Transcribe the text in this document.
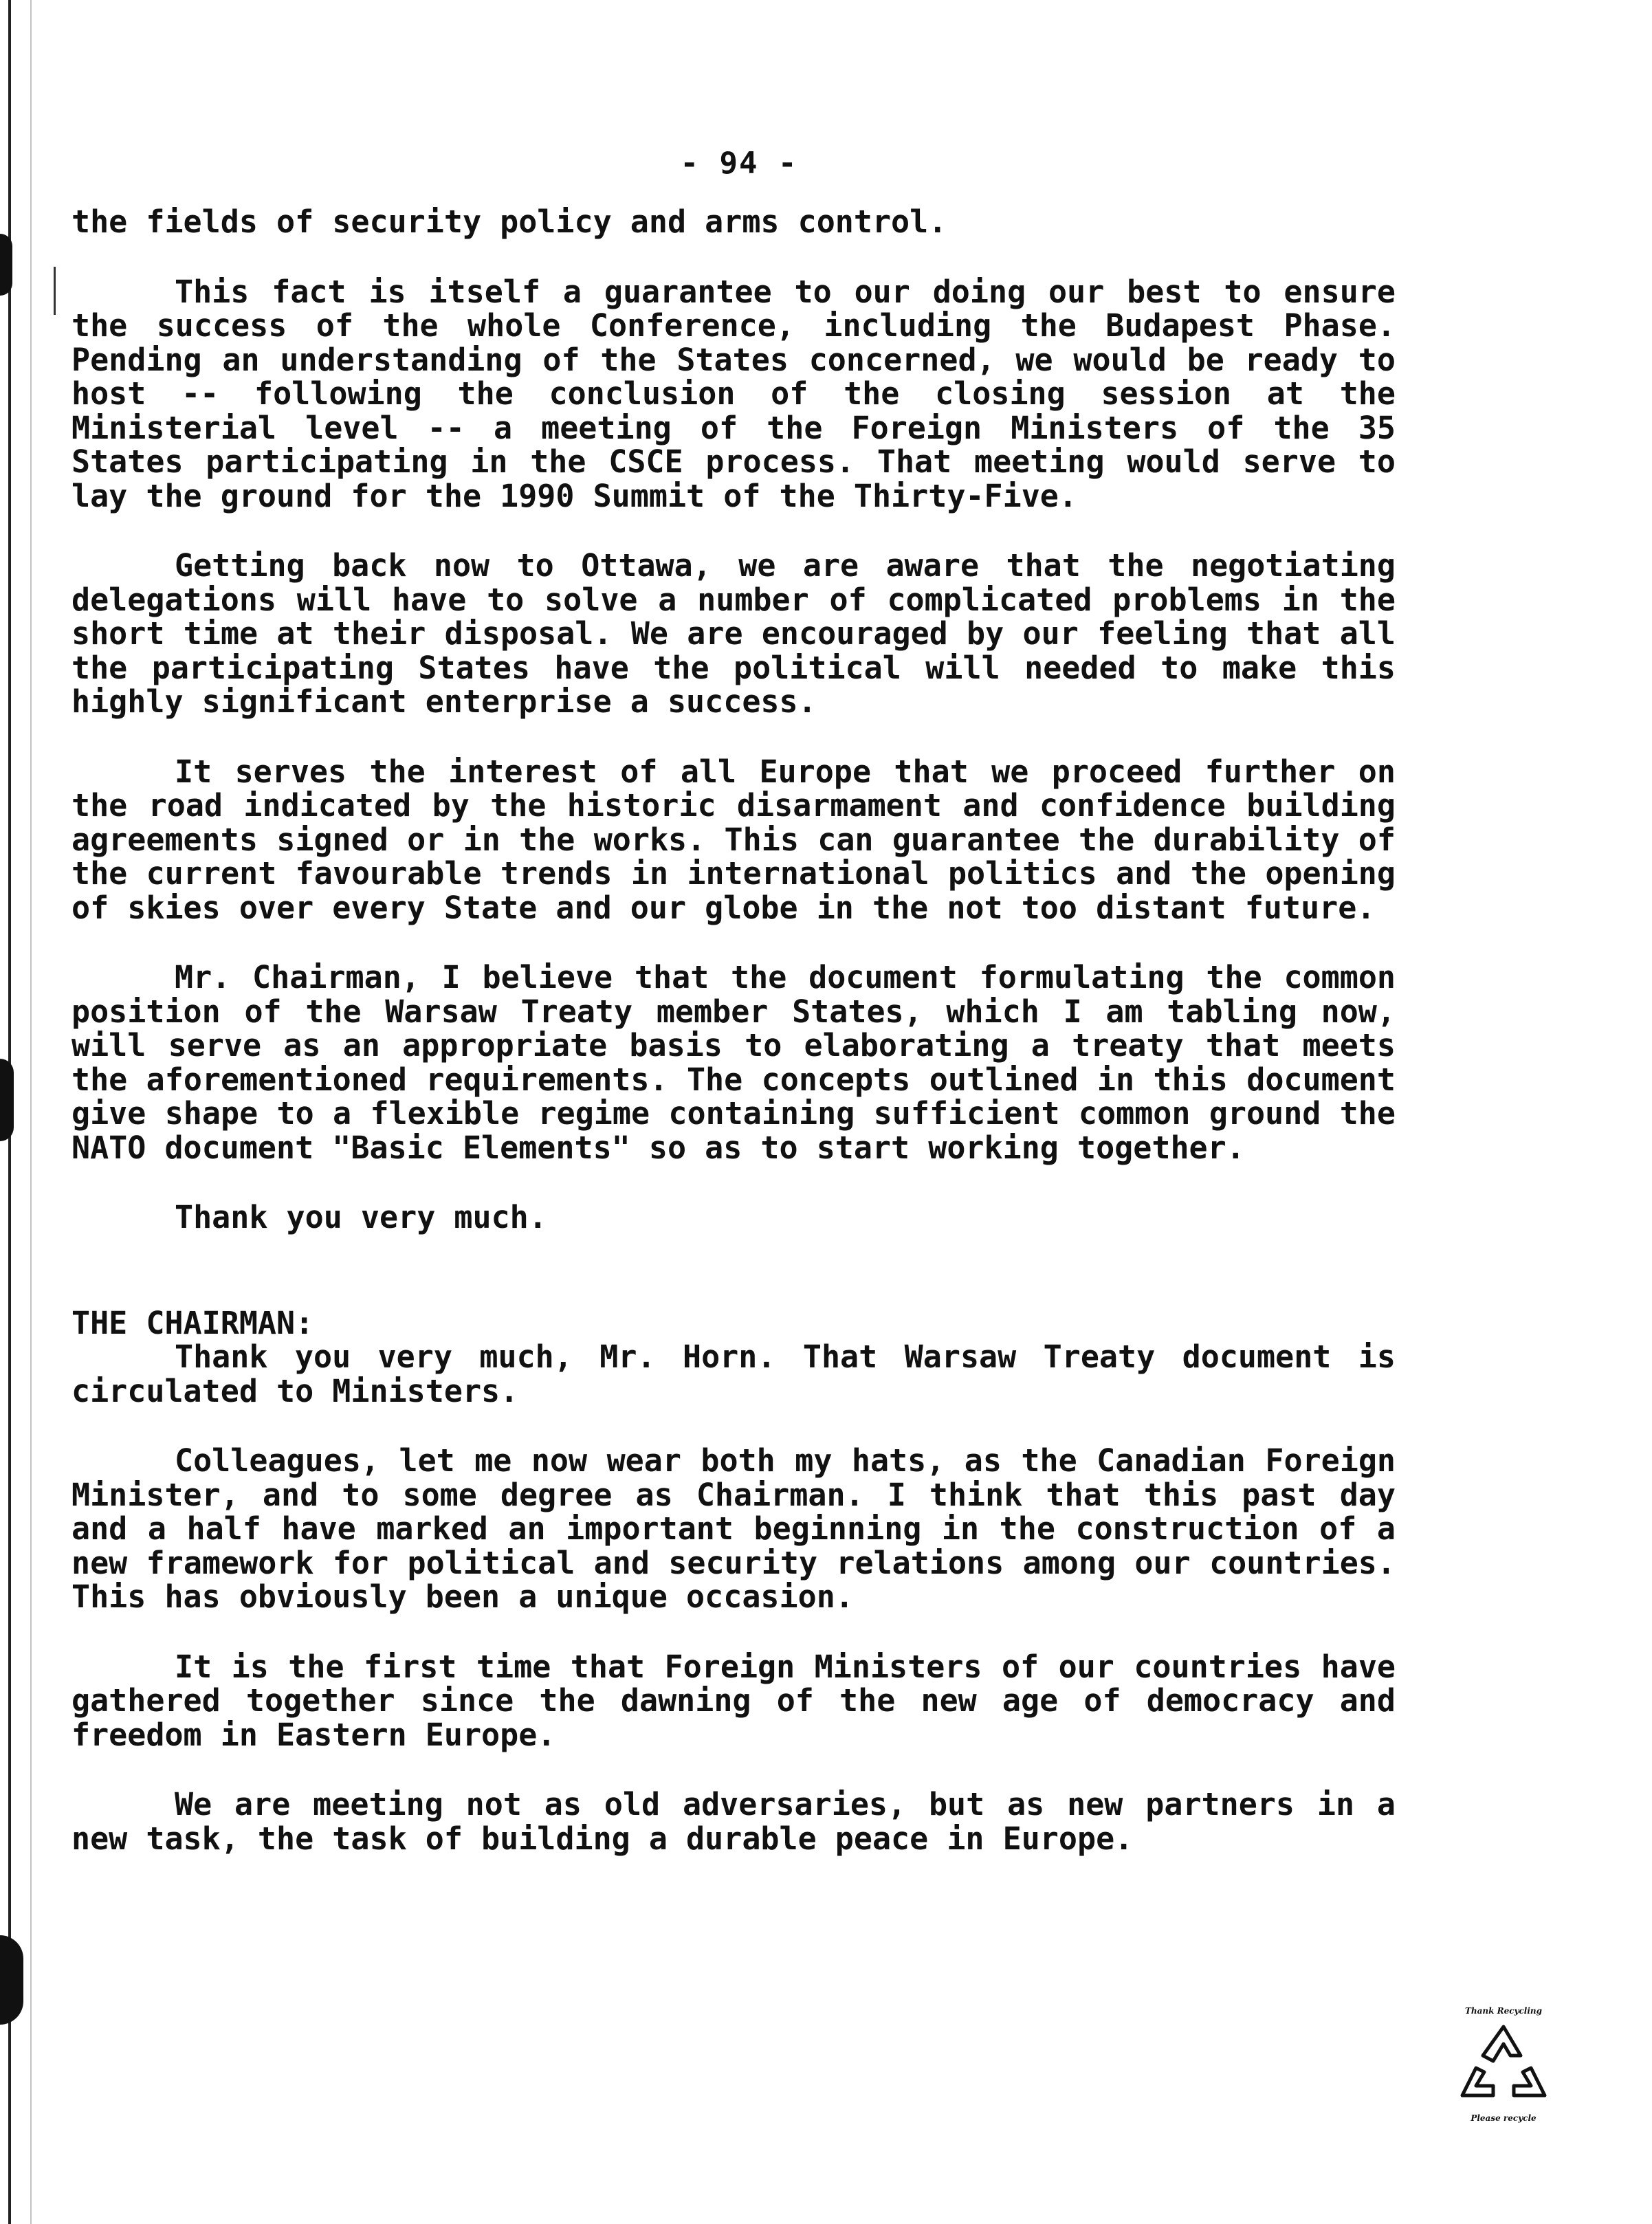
- 94 -

the fields of security policy and arms control.

This fact is itself a guarantee to our doing our best to ensure the success of the whole Conference, including the Budapest Phase. Pending an understanding of the States concerned, we would be ready to host -- following the conclusion of the closing session at the Ministerial level -- a meeting of the Foreign Ministers of the 35 States participating in the CSCE process. That meeting would serve to lay the ground for the 1990 Summit of the Thirty-Five.

Getting back now to Ottawa, we are aware that the negotiating delegations will have to solve a number of complicated problems in the short time at their disposal. We are encouraged by our feeling that all the participating States have the political will needed to make this highly significant enterprise a success.

It serves the interest of all Europe that we proceed further on the road indicated by the historic disarmament and confidence building agreements signed or in the works. This can guarantee the durability of the current favourable trends in international politics and the opening of skies over every State and our globe in the not too distant future.

Mr. Chairman, I believe that the document formulating the common position of the Warsaw Treaty member States, which I am tabling now, will serve as an appropriate basis to elaborating a treaty that meets the aforementioned requirements. The concepts outlined in this document give shape to a flexible regime containing sufficient common ground the NATO document "Basic Elements" so as to start working together.

Thank you very much.

THE CHAIRMAN:

Thank you very much, Mr. Horn. That Warsaw Treaty document is circulated to Ministers.

Colleagues, let me now wear both my hats, as the Canadian Foreign Minister, and to some degree as Chairman. I think that this past day and a half have marked an important beginning in the construction of a new framework for political and security relations among our countries. This has obviously been a unique occasion.

It is the first time that Foreign Ministers of our countries have gathered together since the dawning of the new age of democracy and freedom in Eastern Europe.

We are meeting not as old adversaries, but as new partners in a new task, the task of building a durable peace in Europe.

Thank Recycling
Please recycle
